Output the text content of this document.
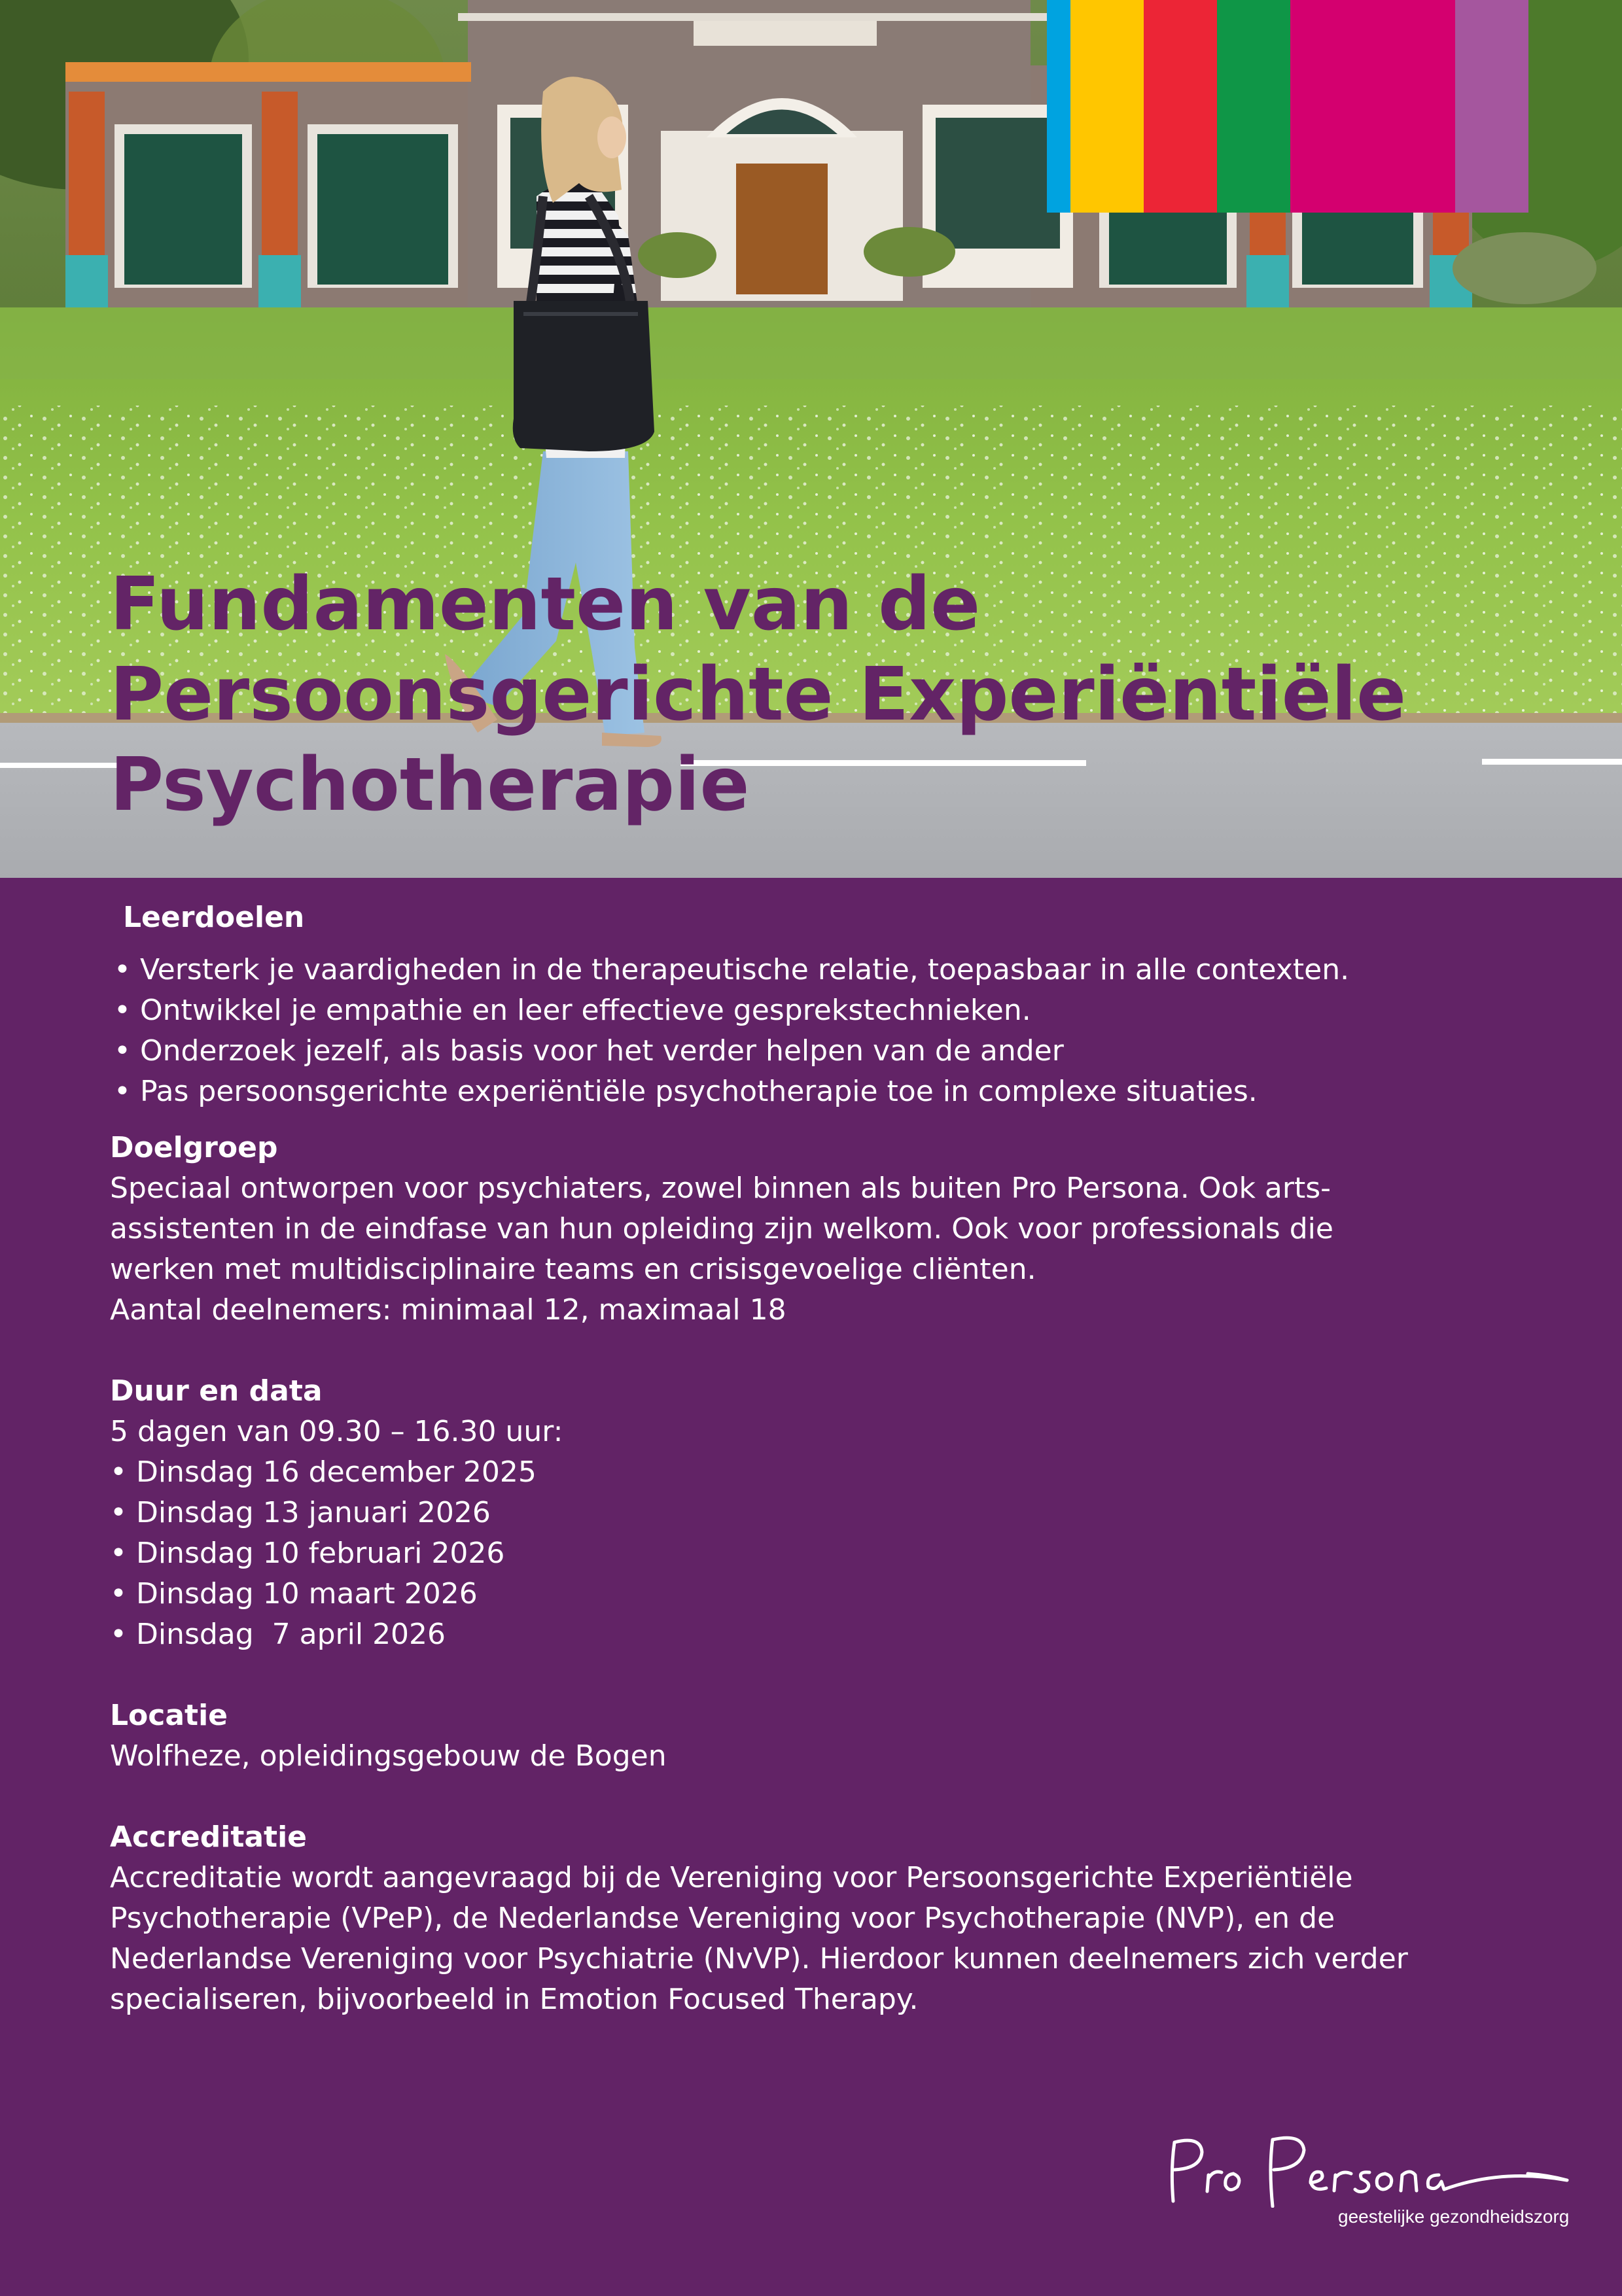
Fundamenten van de
Persoonsgerichte Experiëntiële
Psychotherapie
Leerdoelen
• Versterk je vaardigheden in de therapeutische relatie, toepasbaar in alle contexten.
• Ontwikkel je empathie en leer effectieve gesprekstechnieken.
• Onderzoek jezelf, als basis voor het verder helpen van de ander
• Pas persoonsgerichte experiëntiële psychotherapie toe in complexe situaties.
Doelgroep

Speciaal ontworpen voor psychiaters, zowel binnen als buiten Pro Persona. Ook arts-

assistenten in de eindfase van hun opleiding zijn welkom. Ook voor professionals die

werken met multidisciplinaire teams en crisisgevoelige cliënten.

Aantal deelnemers: minimaal 12, maximaal 18

Duur en data

5 dagen van 09.30 – 16.30 uur:

• Dinsdag 16 december 2025
• Dinsdag 13 januari 2026
• Dinsdag 10 februari 2026
• Dinsdag 10 maart 2026
• Dinsdag  7 april 2026
Locatie

Wolfheze, opleidingsgebouw de Bogen

Accreditatie

Accreditatie wordt aangevraagd bij de Vereniging voor Persoonsgerichte Experiëntiële

Psychotherapie (VPeP), de Nederlandse Vereniging voor Psychotherapie (NVP), en de

Nederlandse Vereniging voor Psychiatrie (NvVP). Hierdoor kunnen deelnemers zich verder

specialiseren, bijvoorbeeld in Emotion Focused Therapy.

geestelijke gezondheidszorg
